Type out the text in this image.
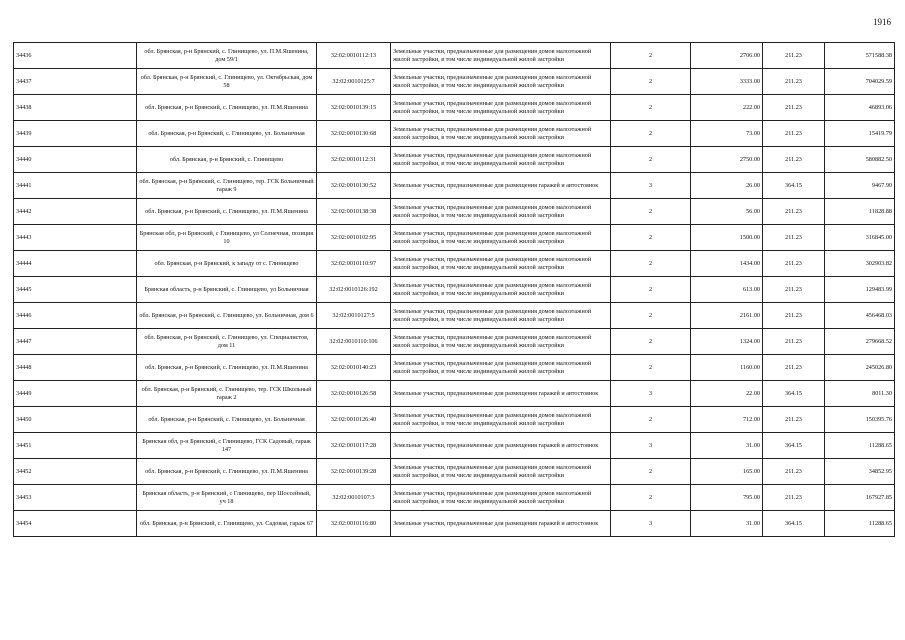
1916
34436	обл. Брянская, р-н Брянский, с. Глинищево, ул. П.М.Яшенина, дом 59/1	32:02:0010112:13	Земельные участки, предназначенные для размещения домов малоэтажной жилой застройки, в том числе индивидуальной жилой застройки	2	2706.00	211.23	571588.38
34437	обл. Брянская, р-н Брянский, с. Глинищево, ул. Октябрьская, дом 58	32:02:0010125:7	Земельные участки, предназначенные для размещения домов малоэтажной жилой застройки, в том числе индивидуальной жилой застройки	2	3333.00	211.23	704029.59
34438	обл. Брянская, р-н Брянский, с. Глинищево, ул. П.М.Яшенина	32:02:0010139:15	Земельные участки, предназначенные для размещения домов малоэтажной жилой застройки, в том числе индивидуальной жилой застройки	2	222.00	211.23	46893.06
34439	обл. Брянская, р-н Брянский, с. Глинищево, ул. Больничная	32:02:0010130:68	Земельные участки, предназначенные для размещения домов малоэтажной жилой застройки, в том числе индивидуальной жилой застройки	2	73.00	211.23	15419.79
34440	обл. Брянская, р-н Брянский, с. Глинищево	32:02:0010112:31	Земельные участки, предназначенные для размещения домов малоэтажной жилой застройки, в том числе индивидуальной жилой застройки	2	2750.00	211.23	580882.50
34441	обл. Брянская, р-н Брянский, с. Глинищево, тер. ГСК Больничный гараж 9	32:02:0010130:52	Земельные участки, предназначенные для размещения гаражей и автостоянок	3	26.00	364.15	9467.90
34442	обл. Брянская, р-н Брянский, с. Глинищево, ул. П.М.Яшенина	32:02:0010138:38	Земельные участки, предназначенные для размещения домов малоэтажной жилой застройки, в том числе индивидуальной жилой застройки	2	56.00	211.23	11828.88
34443	Брянская обл, р-н Брянский, с Глинищево, ул Солнечная, позиция 10	32:02:0010102:95	Земельные участки, предназначенные для размещения домов малоэтажной жилой застройки, в том числе индивидуальной жилой застройки	2	1500.00	211.23	316845.00
34444	обл. Брянская, р-н Брянский, к западу от с. Глинищево	32:02:0010110:97	Земельные участки, предназначенные для размещения домов малоэтажной жилой застройки, в том числе индивидуальной жилой застройки	2	1434.00	211.23	302903.82
34445	Брянская область, р-н Брянский, с. Глинищево, ул Больничная	32:02:0010126:192	Земельные участки, предназначенные для размещения домов малоэтажной жилой застройки, в том числе индивидуальной жилой застройки	2	613.00	211.23	129483.99
34446	обл. Брянская, р-н Брянский, с. Глинищево, ул. Больничная, дом 6	32:02:0010127:5	Земельные участки, предназначенные для размещения домов малоэтажной жилой застройки, в том числе индивидуальной жилой застройки	2	2161.00	211.23	456468.03
34447	обл. Брянская, р-н Брянский, с. Глинищево, ул. Специалистов, дом 11	32:02:0010110:106	Земельные участки, предназначенные для размещения домов малоэтажной жилой застройки, в том числе индивидуальной жилой застройки	2	1324.00	211.23	279668.52
34448	обл. Брянская, р-н Брянский, с. Глинищево, ул. П.М.Яшенина	32:02:0010140:23	Земельные участки, предназначенные для размещения домов малоэтажной жилой застройки, в том числе индивидуальной жилой застройки	2	1160.00	211.23	245026.80
34449	обл. Брянская, р-н Брянский, с. Глинищево, тер. ГСК Школьный гараж 2	32:02:0010126:58	Земельные участки, предназначенные для размещения гаражей и автостоянок	3	22.00	364.15	8011.30
34450	обл. Брянская, р-н Брянский, с. Глинищево, ул. Больничная	32:02:0010126:40	Земельные участки, предназначенные для размещения домов малоэтажной жилой застройки, в том числе индивидуальной жилой застройки	2	712.00	211.23	150395.76
34451	Брянская обл, р-н Брянский, с Глинищево, ГСК Садовый, гараж 147	32:02:0010117:28	Земельные участки, предназначенные для размещения гаражей и автостоянок	3	31.00	364.15	11288.65
34452	обл. Брянская, р-н Брянский, с. Глинищево, ул. П.М.Яшенина	32:02:0010139:28	Земельные участки, предназначенные для размещения домов малоэтажной жилой застройки, в том числе индивидуальной жилой застройки	2	165.00	211.23	34852.95
34453	Брянская область, р-н Брянский, с Глинищево, пер Шоссейный, уч 18	32:02:0010107:3	Земельные участки, предназначенные для размещения домов малоэтажной жилой застройки, в том числе индивидуальной жилой застройки	2	795.00	211.23	167927.85
34454	обл. Брянская, р-н Брянский, с. Глинищево, ул. Садовая, гараж 67	32:02:0010116:80	Земельные участки, предназначенные для размещения гаражей и автостоянок	3	31.00	364.15	11288.65
